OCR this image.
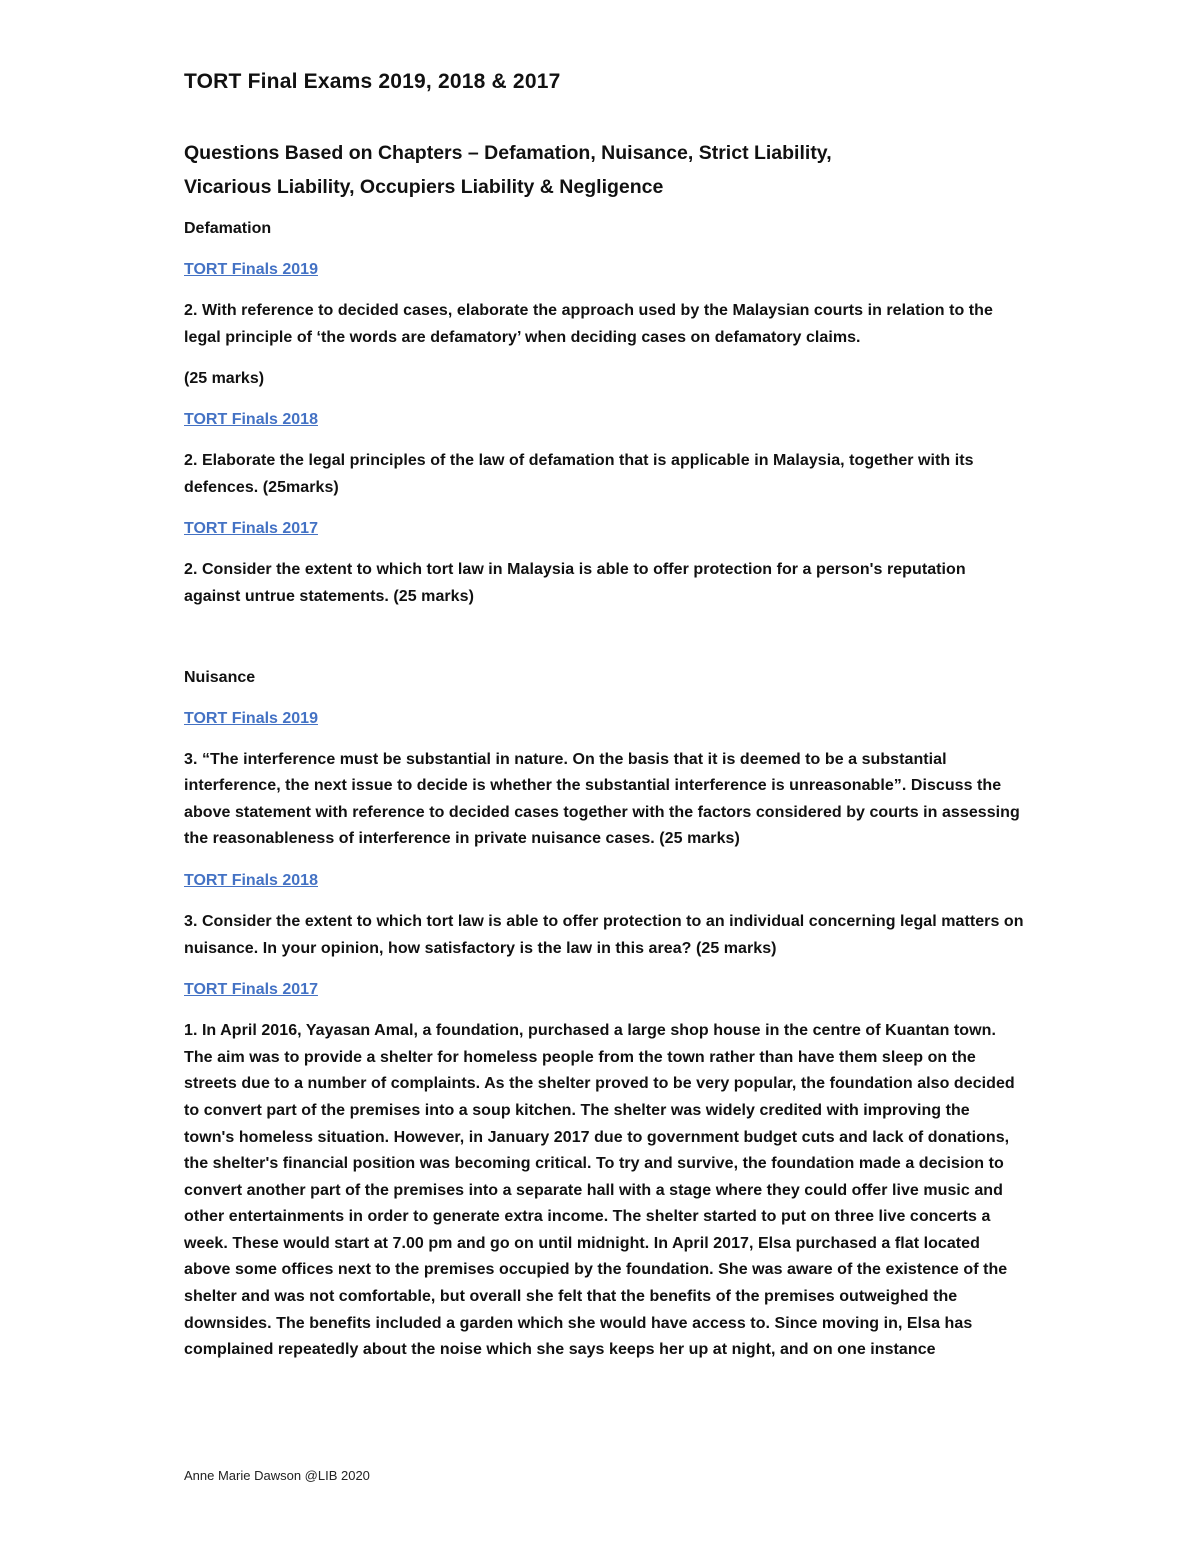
TORT Final Exams 2019, 2018 & 2017
Questions Based on Chapters – Defamation, Nuisance, Strict Liability,
Vicarious Liability, Occupiers Liability & Negligence
Defamation
TORT Finals 2019
2. With reference to decided cases, elaborate the approach used by the Malaysian courts in relation to the legal principle of ‘the words are defamatory’ when deciding cases on defamatory claims.
(25 marks)
TORT Finals 2018
2. Elaborate the legal principles of the law of defamation that is applicable in Malaysia, together with its defences. (25marks)
TORT Finals 2017
2. Consider the extent to which tort law in Malaysia is able to offer protection for a person's reputation against untrue statements. (25 marks)
Nuisance
TORT Finals 2019
3. “The interference must be substantial in nature. On the basis that it is deemed to be a substantial interference, the next issue to decide is whether the substantial interference is unreasonable”. Discuss the above statement with reference to decided cases together with the factors considered by courts in assessing the reasonableness of interference in private nuisance cases. (25 marks)
TORT Finals 2018
3. Consider the extent to which tort law is able to offer protection to an individual concerning legal matters on nuisance. In your opinion, how satisfactory is the law in this area? (25 marks)
TORT Finals 2017
1. In April 2016, Yayasan Amal, a foundation, purchased a large shop house in the centre of Kuantan town. The aim was to provide a shelter for homeless people from the town rather than have them sleep on the streets due to a number of complaints. As the shelter proved to be very popular, the foundation also decided to convert part of the premises into a soup kitchen. The shelter was widely credited with improving the town's homeless situation. However, in January 2017 due to government budget cuts and lack of donations, the shelter's financial position was becoming critical. To try and survive, the foundation made a decision to convert another part of the premises into a separate hall with a stage where they could offer live music and other entertainments in order to generate extra income. The shelter started to put on three live concerts a week. These would start at 7.00 pm and go on until midnight. In April 2017, Elsa purchased a flat located above some offices next to the premises occupied by the foundation. She was aware of the existence of the shelter and was not comfortable, but overall she felt that the benefits of the premises outweighed the downsides. The benefits included a garden which she would have access to. Since moving in, Elsa has complained repeatedly about the noise which she says keeps her up at night, and on one instance
Anne Marie Dawson @LIB 2020
